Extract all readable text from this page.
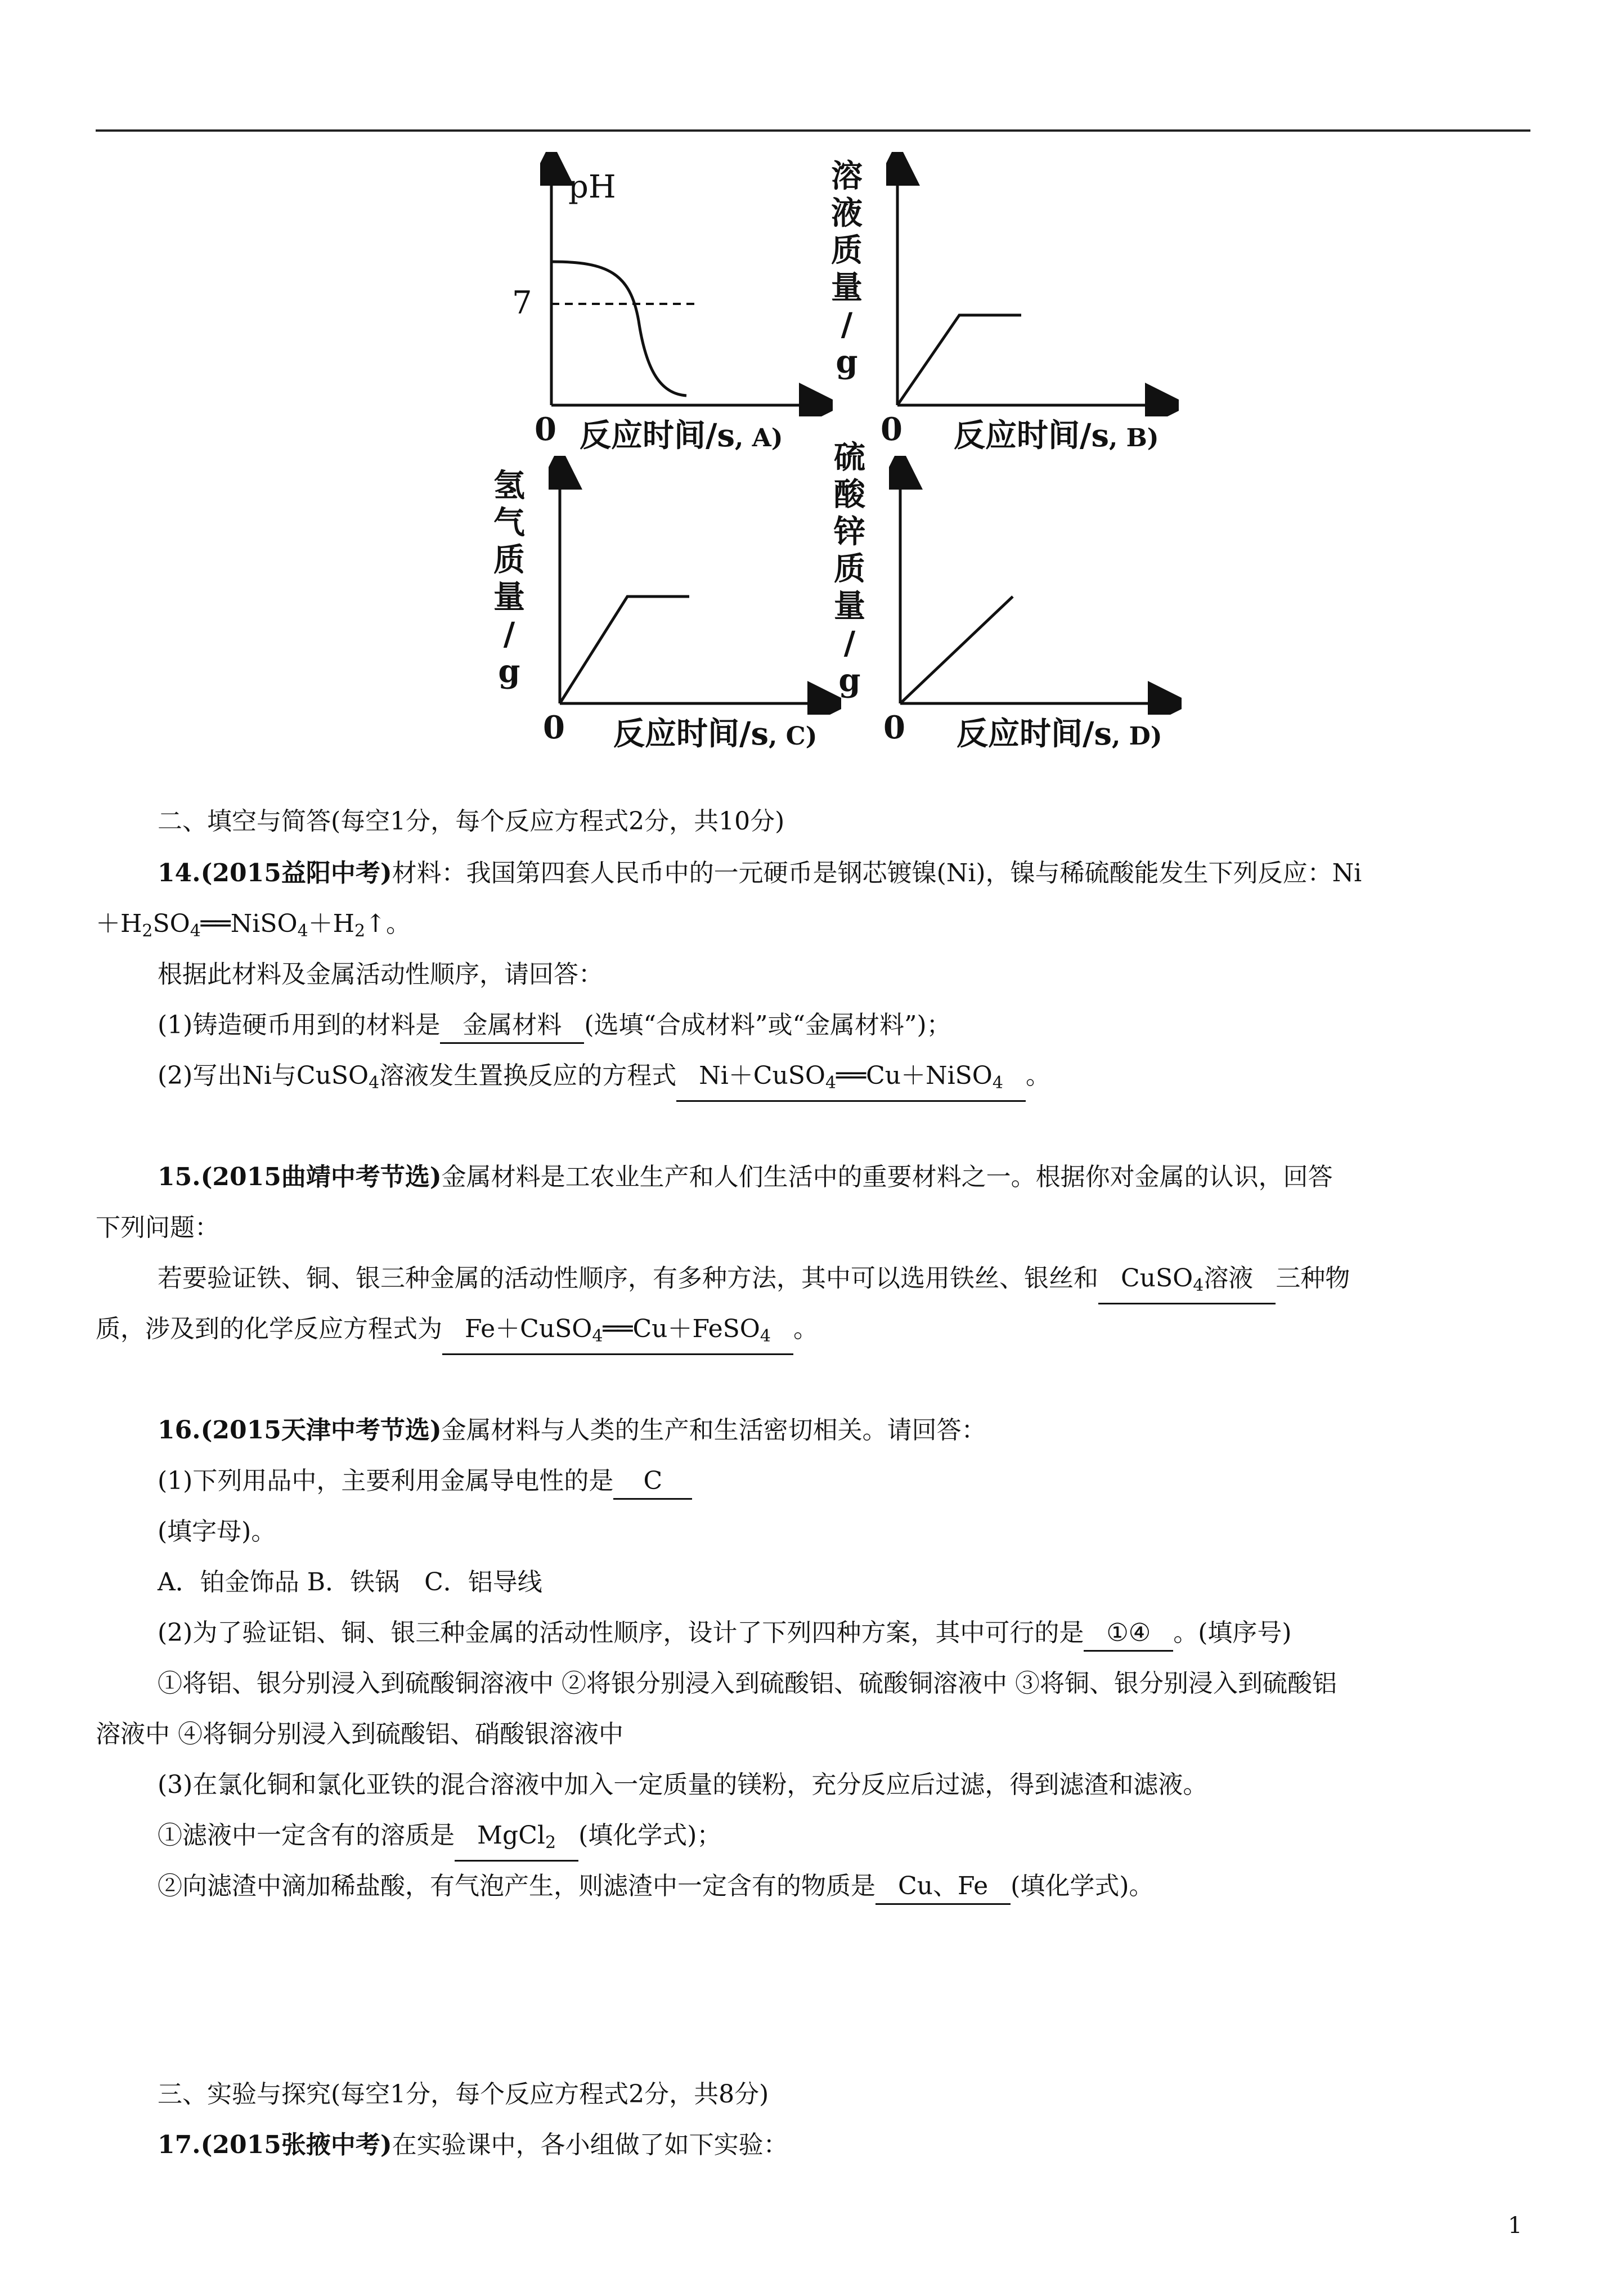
pH
7
0 反应时间/s, A)
溶
液
质
量
/
g
0 反应时间/s, B)
氢
气
质
量
/
g
0 反应时间/s, C)
硫
酸
锌
质
量
/
g
0 反应时间/s, D)
二、填空与简答(每空1分，每个反应方程式2分，共10分)
14.(2015益阳中考)材料：我国第四套人民币中的一元硬币是钢芯镀镍(Ni)，镍与稀硫酸能发生下列反应：Ni
$+H_2SO_4══NiSO_4+H_2↑$。
根据此材料及金属活动性顺序，请回答：
(1)铸造硬币用到的材料是 金属材料 (选填“合成材料”或“金属材料”)；
(2)写出Ni与CuSO$_4$溶液发生置换反应的方程式 Ni＋CuSO$_4$══Cu＋NiSO$_4$ 。
15.(2015曲靖中考节选)金属材料是工农业生产和人们生活中的重要材料之一。根据你对金属的认识，回答
下列问题：
若要验证铁、铜、银三种金属的活动性顺序，有多种方法，其中可以选用铁丝、银丝和 CuSO$_4$溶液 三种物
质，涉及到的化学反应方程式为 Fe＋CuSO$_4$══Cu＋FeSO$_4$ 。
16.(2015天津中考节选)金属材料与人类的生产和生活密切相关。请回答：
(1)下列用品中，主要利用金属导电性的是 C
(填字母)。
A．铂金饰品 B．铁锅　C．铝导线
(2)为了验证铝、铜、银三种金属的活动性顺序，设计了下列四种方案，其中可行的是 ①④ 。(填序号)
①将铝、银分别浸入到硫酸铜溶液中 ②将银分别浸入到硫酸铝、硫酸铜溶液中 ③将铜、银分别浸入到硫酸铝
溶液中 ④将铜分别浸入到硫酸铝、硝酸银溶液中
(3)在氯化铜和氯化亚铁的混合溶液中加入一定质量的镁粉，充分反应后过滤，得到滤渣和滤液。
①滤液中一定含有的溶质是 MgCl$_2$ (填化学式)；
②向滤渣中滴加稀盐酸，有气泡产生，则滤渣中一定含有的物质是 Cu、Fe (填化学式)。
三、实验与探究(每空1分，每个反应方程式2分，共8分)
17.(2015张掖中考)在实验课中，各小组做了如下实验：
1
